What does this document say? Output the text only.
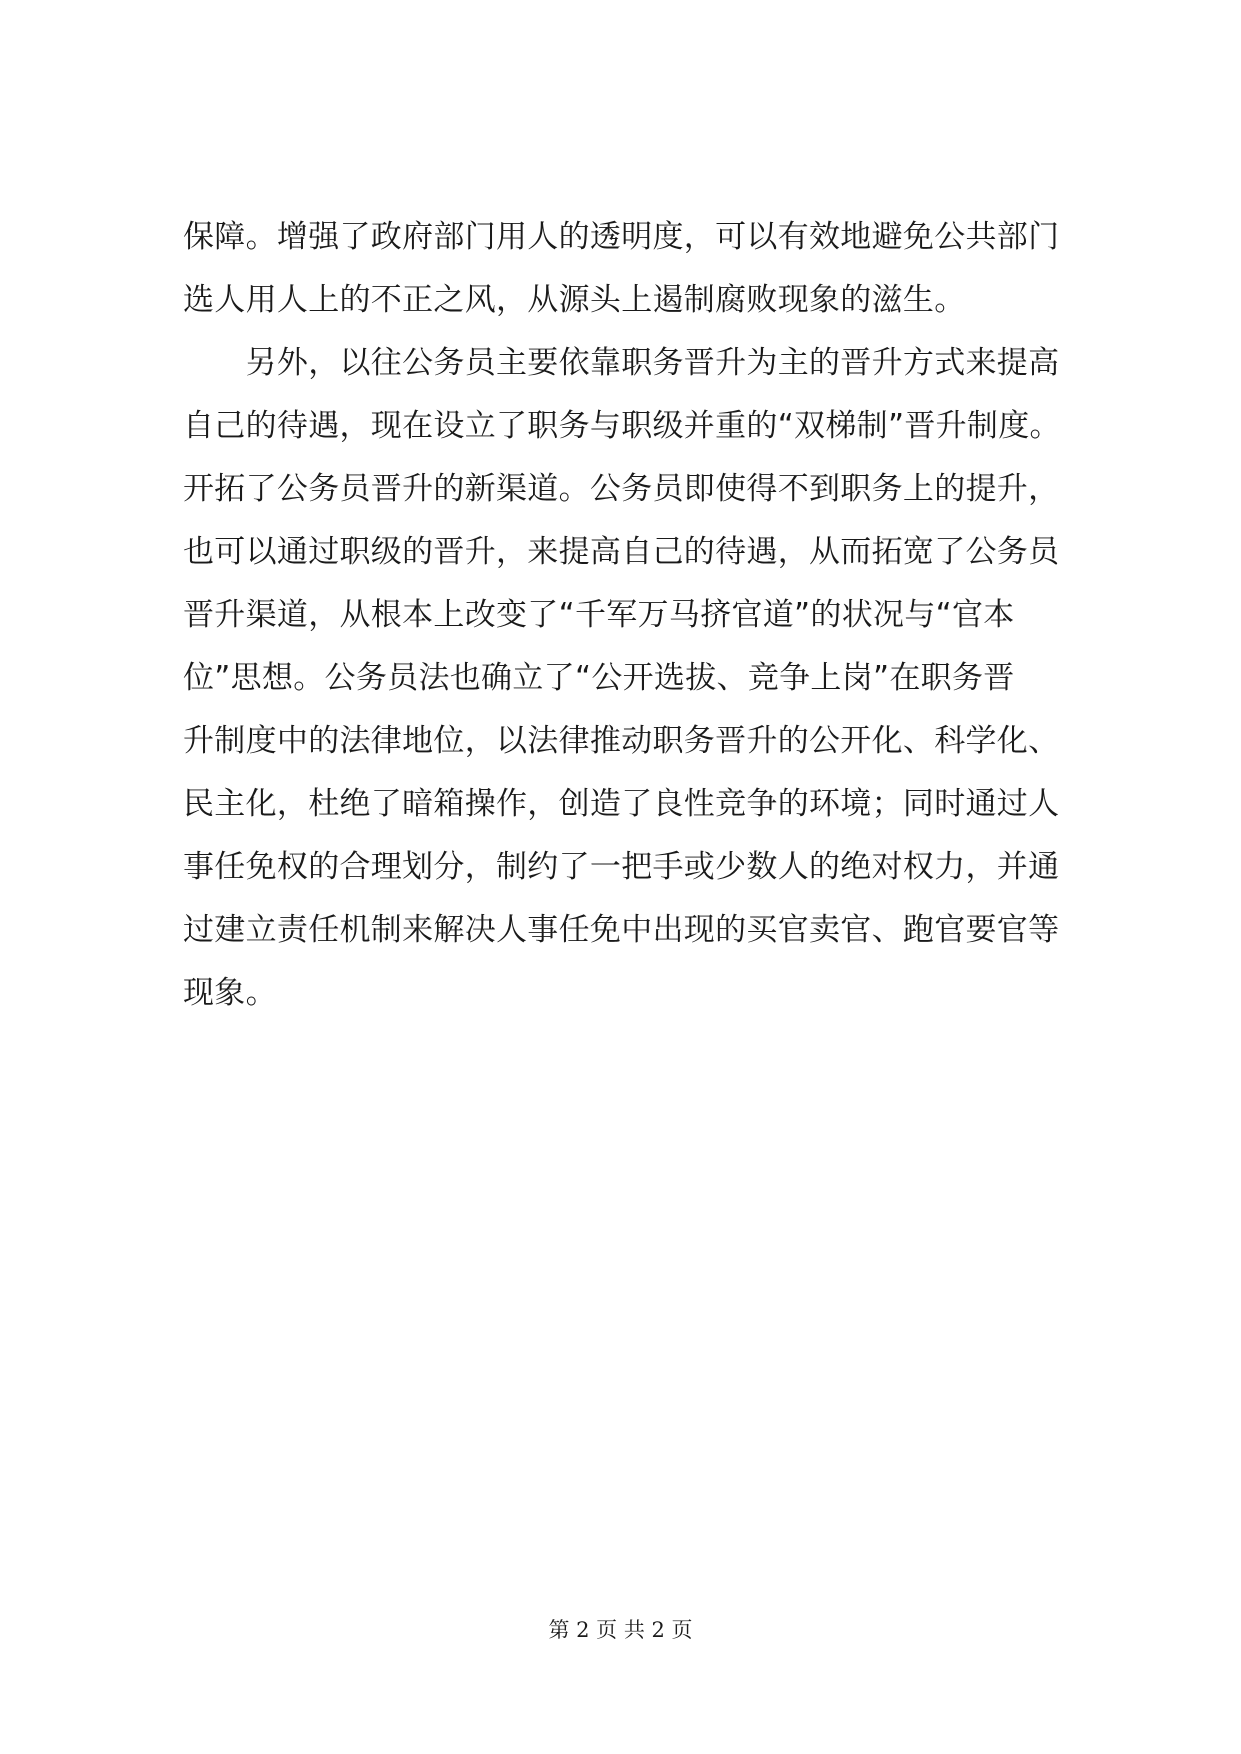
保障。增强了政府部门用人的透明度，可以有效地避免公共部门
选人用人上的不正之风，从源头上遏制腐败现象的滋生。
　　另外，以往公务员主要依靠职务晋升为主的晋升方式来提高
自己的待遇，现在设立了职务与职级并重的“双梯制”晋升制度。
开拓了公务员晋升的新渠道。公务员即使得不到职务上的提升，
也可以通过职级的晋升，来提高自己的待遇，从而拓宽了公务员
晋升渠道，从根本上改变了“千军万马挤官道”的状况与“官本
位”思想。公务员法也确立了“公开选拔、竞争上岗”在职务晋
升制度中的法律地位，以法律推动职务晋升的公开化、科学化、
民主化，杜绝了暗箱操作，创造了良性竞争的环境；同时通过人
事任免权的合理划分，制约了一把手或少数人的绝对权力，并通
过建立责任机制来解决人事任免中出现的买官卖官、跑官要官等
现象。
第 2 页 共 2 页
